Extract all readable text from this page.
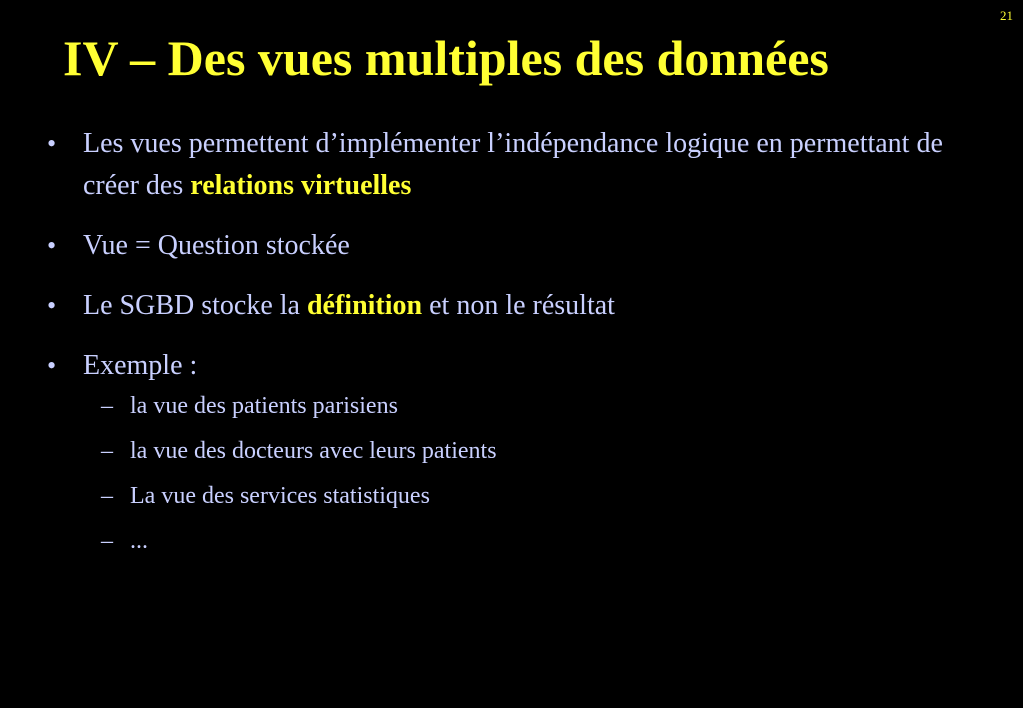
21
IV – Des vues multiples des données
• Les vues permettent d’implémenter l’indépendance logique en permettant de créer des relations virtuelles
• Vue = Question stockée
• Le SGBD stocke la définition et non le résultat
• Exemple :
– la vue des patients parisiens
– la vue des docteurs avec leurs patients
– La vue des services statistiques
– ...
